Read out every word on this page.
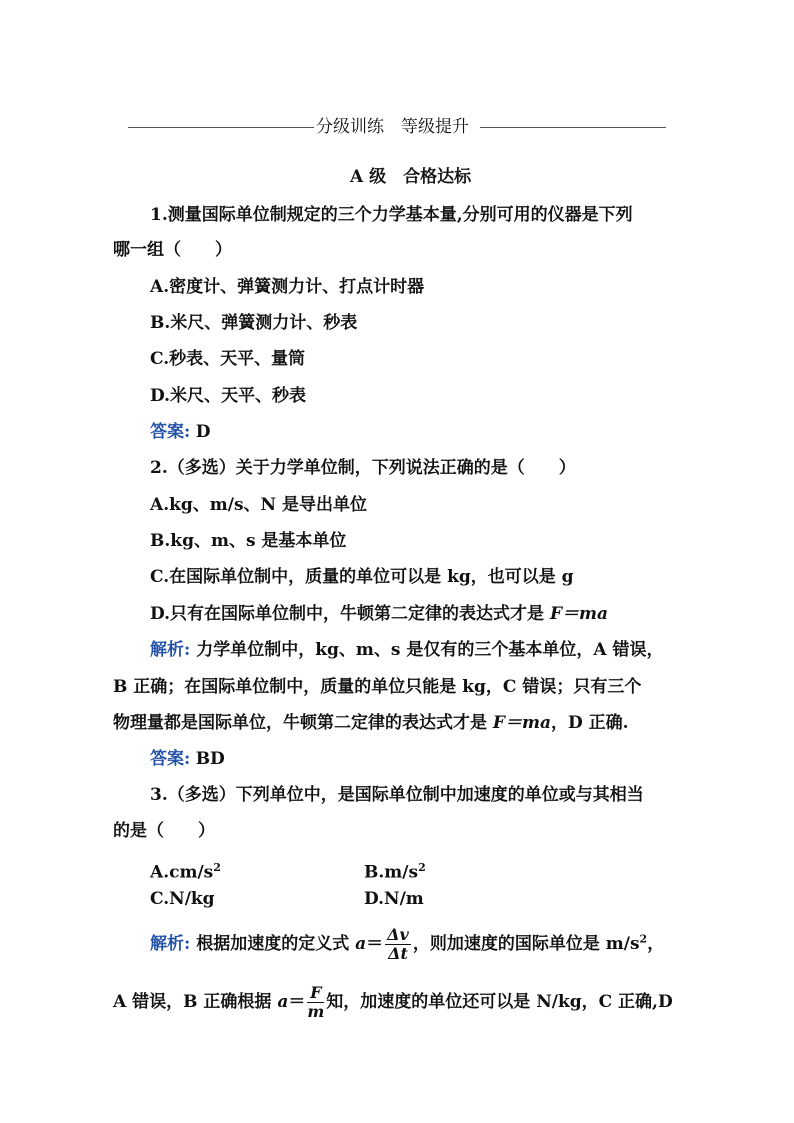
分级训练　等级提升
A 级　合格达标
1.测量国际单位制规定的三个力学基本量,分别可用的仪器是下列
哪一组（　　）
A.密度计、弹簧测力计、打点计时器
B.米尺、弹簧测力计、秒表
C.秒表、天平、量筒
D.米尺、天平、秒表
答案: D
2.（多选）关于力学单位制，下列说法正确的是（　　）
A.kg、m/s、N 是导出单位
B.kg、m、s 是基本单位
C.在国际单位制中，质量的单位可以是 kg，也可以是 g
D.只有在国际单位制中，牛顿第二定律的表达式才是 F＝ma
解析: 力学单位制中，kg、m、s 是仅有的三个基本单位，A 错误，
B 正确；在国际单位制中，质量的单位只能是 kg，C 错误；只有三个
物理量都是国际单位，牛顿第二定律的表达式才是 F＝ma，D 正确.
答案: BD
3.（多选）下列单位中，是国际单位制中加速度的单位或与其相当
的是（　　）
$A.cm/s^2$	$B.m/s^2$
C.N/kg	D.N/m
解析: 根据加速度的定义式 $a= \frac{\Delta v}{\Delta t}$ ，则加速度的国际单位是 $m/s^2$，
A 错误，B 正确根据 $a= \frac{F}{m}$ 知，加速度的单位还可以是 N/kg，C 正确,D
